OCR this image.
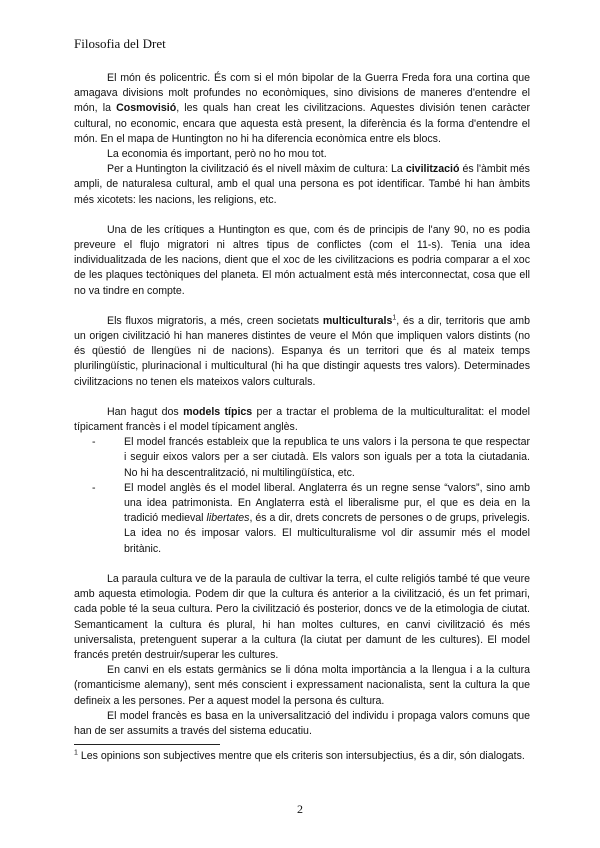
Filosofia del Dret

El món és policentric. És com si el món bipolar de la Guerra Freda fora una cortina que amagava divisions molt profundes no econòmiques, sino divisions de maneres d'entendre el món, la Cosmovisió, les quals han creat les civilitzacions. Aquestes división tenen caràcter cultural, no economic, encara que aquesta està present, la diferència és la forma d'entendre el món. En el mapa de Huntington no hi ha diferencia econòmica entre els blocs.

La economia és important, però no ho mou tot.

Per a Huntington la civilització és el nivell màxim de cultura: La civilització és l'àmbit més ampli, de naturalesa cultural, amb el qual una persona es pot identificar. També hi han àmbits més xicotets: les nacions, les religions, etc.

Una de les crítiques a Huntington es que, com és de principis de l'any 90, no es podia preveure el flujo migratori ni altres tipus de conflictes (com el 11-s). Tenia una idea individualitzada de les nacions, dient que el xoc de les civilitzacions es podria comparar a el xoc de les plaques tectòniques del planeta. El món actualment està més interconnectat, cosa que ell no va tindre en compte.

Els fluxos migratoris, a més, creen societats multiculturals$^1$, és a dir, territoris que amb un origen civilització hi han maneres distintes de veure el Món que impliquen valors distints (no és qüestió de llengües ni de nacions). Espanya és un territori que és al mateix temps plurilingüístic, plurinacional i multicultural (hi ha que distingir aquests tres valors). Determinades civilitzacions no tenen els mateixos valors culturals.

Han hagut dos models típics per a tractar el problema de la multiculturalitat: el model típicament francès i el model típicament anglès.

- El model francés estableix que la republica te uns valors i la persona te que respectar i seguir eixos valors per a ser ciutadà. Els valors son iguals per a tota la ciutadania. No hi ha descentralització, ni multilingüística, etc.
- El model anglès és el model liberal. Anglaterra és un regne sense “valors”, sino amb una idea patrimonista. En Anglaterra està el liberalisme pur, el que es deia en la tradició medieval libertates, és a dir, drets concrets de persones o de grups, privelegis. La idea no és imposar valors. El multiculturalisme vol dir assumir més el model britànic.

La paraula cultura ve de la paraula de cultivar la terra, el culte religiós també té que veure amb aquesta etimologia. Podem dir que la cultura és anterior a la civilització, és un fet primari, cada poble té la seua cultura. Pero la civilització és posterior, doncs ve de la etimologia de ciutat. Semanticament la cultura és plural, hi han moltes cultures, en canvi civilització és més universalista, pretenguent superar a la cultura (la ciutat per damunt de les cultures). El model francés pretén destruir/superar les cultures.

En canvi en els estats germànics se li dóna molta importància a la llengua i a la cultura (romanticisme alemany), sent més conscient i expressament nacionalista, sent la cultura la que defineix a les persones. Per a aquest model la persona és cultura.

El model francès es basa en la universalització del individu i propaga valors comuns que han de ser assumits a través del sistema educatiu.

$^1$ Les opinions son subjectives mentre que els criteris son intersubjectius, és a dir, són dialogats.
2
